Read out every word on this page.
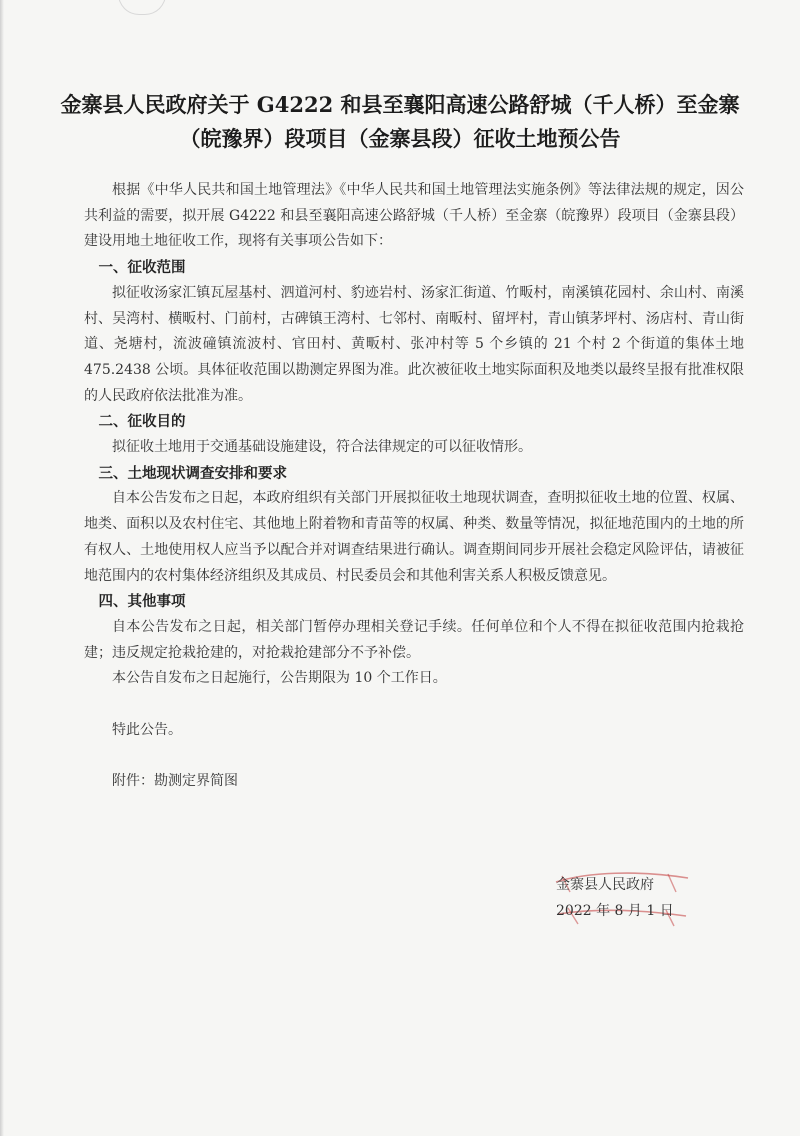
金寨县人民政府关于 G4222 和县至襄阳高速公路舒城（千人桥）至金寨
（皖豫界）段项目（金寨县段）征收土地预公告

根据《中华人民共和国土地管理法》《中华人民共和国土地管理法实施条例》等法律法规的规定，因公共利益的需要，拟开展 G4222 和县至襄阳高速公路舒城（千人桥）至金寨（皖豫界）段项目（金寨县段）建设用地土地征收工作，现将有关事项公告如下：

一、征收范围

拟征收汤家汇镇瓦屋基村、泗道河村、豹迹岩村、汤家汇街道、竹畈村，南溪镇花园村、余山村、南溪村、吴湾村、横畈村、门前村，古碑镇王湾村、七邻村、南畈村、留坪村，青山镇茅坪村、汤店村、青山街道、尧塘村，流波䃥镇流波村、官田村、黄畈村、张冲村等 5 个乡镇的 21 个村 2 个街道的集体土地 475.2438 公顷。具体征收范围以勘测定界图为准。此次被征收土地实际面积及地类以最终呈报有批准权限的人民政府依法批准为准。

二、征收目的

拟征收土地用于交通基础设施建设，符合法律规定的可以征收情形。

三、土地现状调查安排和要求

自本公告发布之日起，本政府组织有关部门开展拟征收土地现状调查，查明拟征收土地的位置、权属、地类、面积以及农村住宅、其他地上附着物和青苗等的权属、种类、数量等情况，拟征地范围内的土地的所有权人、土地使用权人应当予以配合并对调查结果进行确认。调查期间同步开展社会稳定风险评估，请被征地范围内的农村集体经济组织及其成员、村民委员会和其他利害关系人积极反馈意见。

四、其他事项

自本公告发布之日起，相关部门暂停办理相关登记手续。任何单位和个人不得在拟征收范围内抢栽抢建；违反规定抢栽抢建的，对抢栽抢建部分不予补偿。

本公告自发布之日起施行，公告期限为 10 个工作日。

特此公告。

附件：勘测定界简图

金寨县人民政府
2022 年 8 月 1 日
